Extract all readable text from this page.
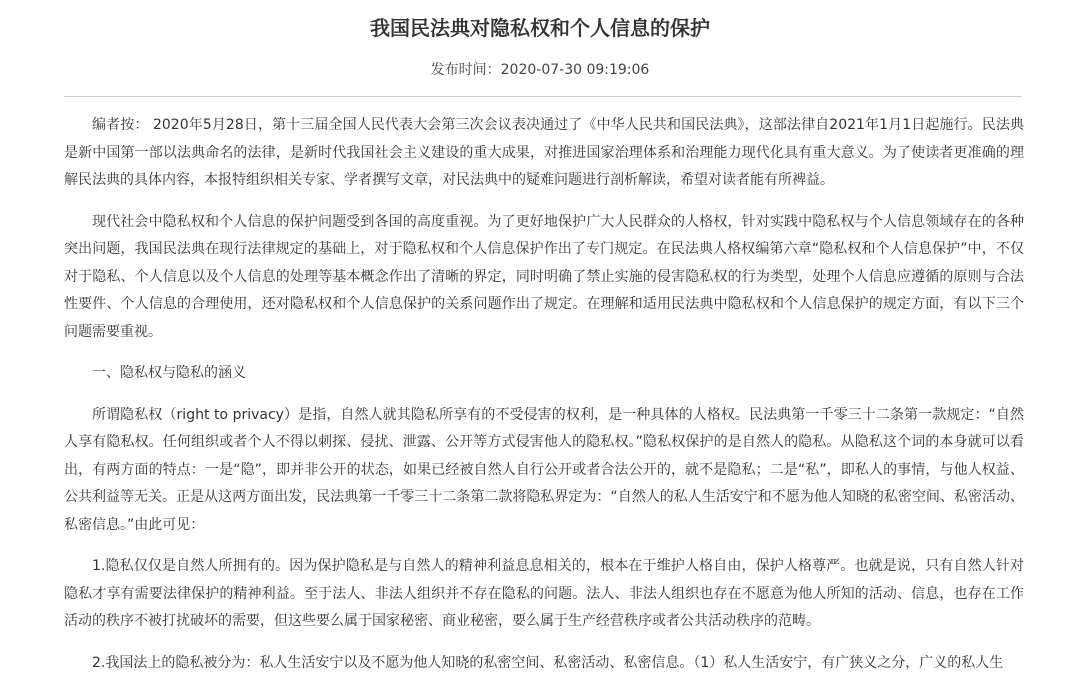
我国民法典对隐私权和个人信息的保护
发布时间：2020-07-30 09:19:06

编者按： 2020年5月28日，第十三届全国人民代表大会第三次会议表决通过了《中华人民共和国民法典》，这部法律自2021年1月1日起施行。民法典是新中国第一部以法典命名的法律，是新时代我国社会主义建设的重大成果，对推进国家治理体系和治理能力现代化具有重大意义。为了使读者更准确的理解民法典的具体内容，本报特组织相关专家、学者撰写文章，对民法典中的疑难问题进行剖析解读，希望对读者能有所裨益。

现代社会中隐私权和个人信息的保护问题受到各国的高度重视。为了更好地保护广大人民群众的人格权，针对实践中隐私权与个人信息领域存在的各种突出问题，我国民法典在现行法律规定的基础上，对于隐私权和个人信息保护作出了专门规定。在民法典人格权编第六章“隐私权和个人信息保护”中，不仅对于隐私、个人信息以及个人信息的处理等基本概念作出了清晰的界定，同时明确了禁止实施的侵害隐私权的行为类型，处理个人信息应遵循的原则与合法性要件、个人信息的合理使用，还对隐私权和个人信息保护的关系问题作出了规定。在理解和适用民法典中隐私权和个人信息保护的规定方面，有以下三个问题需要重视。

一、隐私权与隐私的涵义

所谓隐私权（right to privacy）是指，自然人就其隐私所享有的不受侵害的权利，是一种具体的人格权。民法典第一千零三十二条第一款规定：“自然人享有隐私权。任何组织或者个人不得以刺探、侵扰、泄露、公开等方式侵害他人的隐私权。”隐私权保护的是自然人的隐私。从隐私这个词的本身就可以看出，有两方面的特点：一是“隐”，即并非公开的状态，如果已经被自然人自行公开或者合法公开的，就不是隐私；二是“私”，即私人的事情，与他人权益、公共利益等无关。正是从这两方面出发，民法典第一千零三十二条第二款将隐私界定为：“自然人的私人生活安宁和不愿为他人知晓的私密空间、私密活动、私密信息。”由此可见：

1.隐私仅仅是自然人所拥有的。因为保护隐私是与自然人的精神利益息息相关的，根本在于维护人格自由，保护人格尊严。也就是说，只有自然人针对隐私才享有需要法律保护的精神利益。至于法人、非法人组织并不存在隐私的问题。法人、非法人组织也存在不愿意为他人所知的活动、信息，也存在工作活动的秩序不被打扰破坏的需要，但这些要么属于国家秘密、商业秘密，要么属于生产经营秩序或者公共活动秩序的范畴。

2.我国法上的隐私被分为：私人生活安宁以及不愿为他人知晓的私密空间、私密活动、私密信息。（1）私人生活安宁，有广狭义之分，广义的私人生
